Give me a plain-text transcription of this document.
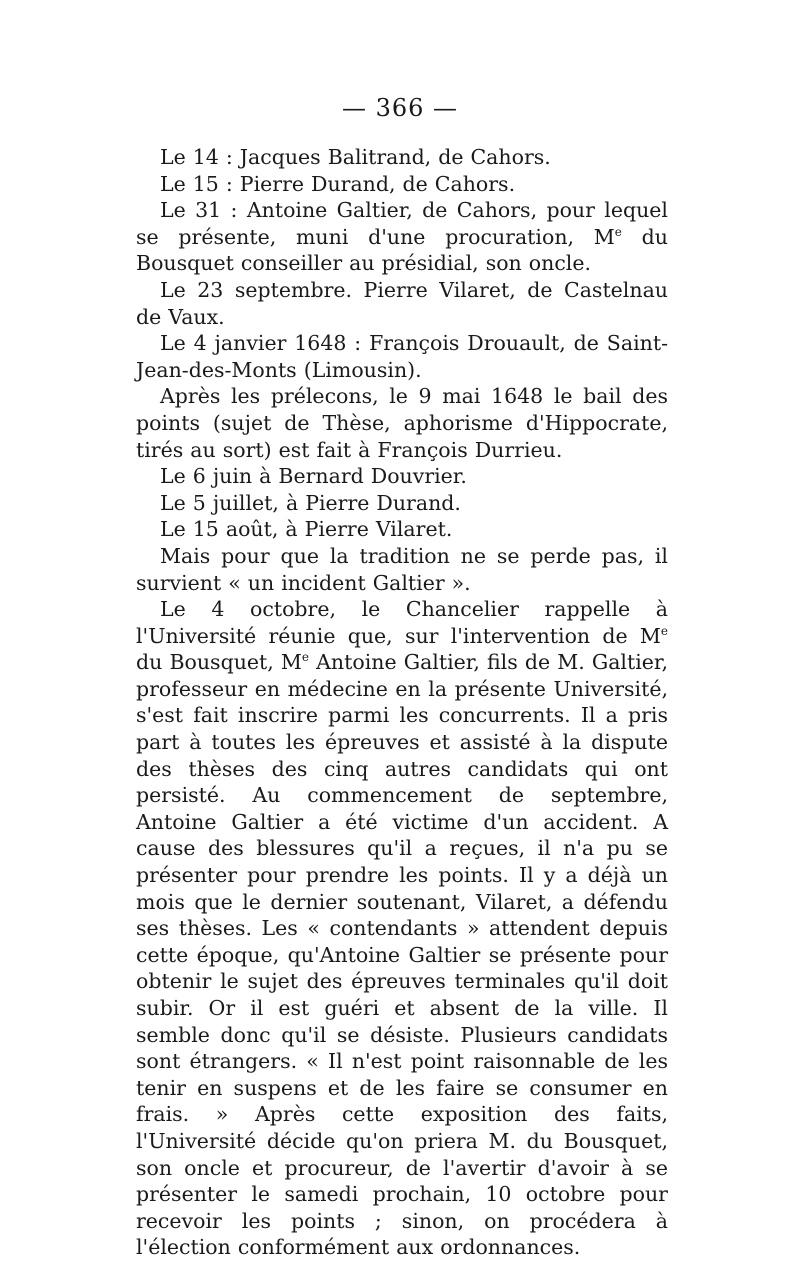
— 366 —

Le 14 : Jacques Balitrand, de Cahors.

Le 15 : Pierre Durand, de Cahors.

Le 31 : Antoine Galtier, de Cahors, pour lequel se présente, muni d'une procuration, Me du Bousquet conseiller au présidial, son oncle.

Le 23 septembre. Pierre Vilaret, de Castelnau de Vaux.

Le 4 janvier 1648 : François Drouault, de Saint-Jean-des-Monts (Limousin).

Après les prélecons, le 9 mai 1648 le bail des points (sujet de Thèse, aphorisme d'Hippocrate, tirés au sort) est fait à François Durrieu.

Le 6 juin à Bernard Douvrier.

Le 5 juillet, à Pierre Durand.

Le 15 août, à Pierre Vilaret.

Mais pour que la tradition ne se perde pas, il survient « un incident Galtier ».

Le 4 octobre, le Chancelier rappelle à l'Université réunie que, sur l'intervention de Me du Bousquet, Me Antoine Galtier, fils de M. Galtier, professeur en médecine en la présente Université, s'est fait inscrire parmi les concurrents. Il a pris part à toutes les épreuves et assisté à la dispute des thèses des cinq autres candidats qui ont persisté. Au commencement de septembre, Antoine Galtier a été victime d'un accident. A cause des blessures qu'il a reçues, il n'a pu se présenter pour prendre les points. Il y a déjà un mois que le dernier soutenant, Vilaret, a défendu ses thèses. Les « contendants » attendent depuis cette époque, qu'Antoine Galtier se présente pour obtenir le sujet des épreuves terminales qu'il doit subir. Or il est guéri et absent de la ville. Il semble donc qu'il se désiste. Plusieurs candidats sont étrangers. « Il n'est point raisonnable de les tenir en suspens et de les faire se consumer en frais. » Après cette exposition des faits, l'Université décide qu'on priera M. du Bousquet, son oncle et procureur, de l'avertir d'avoir à se présenter le samedi prochain, 10 octobre pour recevoir les points ; sinon, on procédera à l'élection conformément aux ordonnances.
